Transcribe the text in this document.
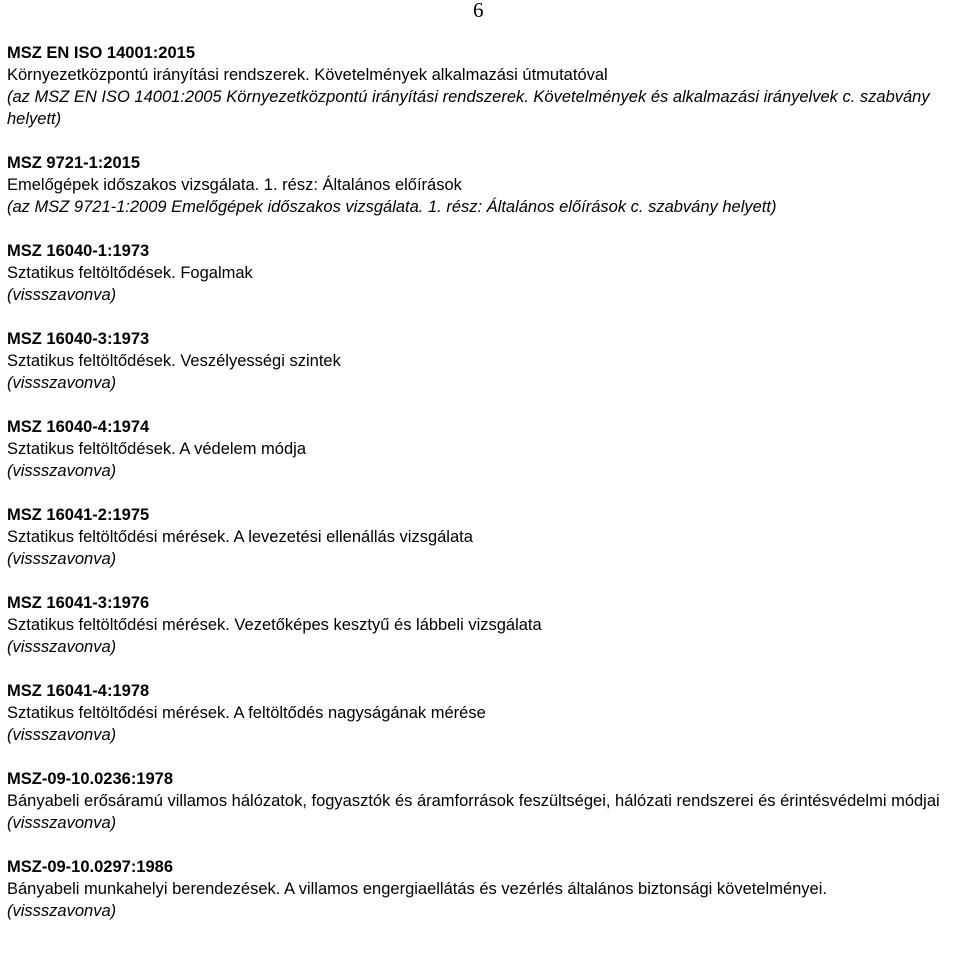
6
MSZ EN ISO 14001:2015
Környezetközpontú irányítási rendszerek. Követelmények alkalmazási útmutatóval
(az MSZ EN ISO 14001:2005 Környezetközpontú irányítási rendszerek. Követelmények és alkalmazási irányelvek c. szabvány helyett)
MSZ 9721-1:2015
Emelőgépek időszakos vizsgálata. 1. rész: Általános előírások
(az MSZ 9721-1:2009 Emelőgépek időszakos vizsgálata. 1. rész: Általános előírások c. szabvány helyett)
MSZ 16040-1:1973
Sztatikus feltöltődések. Fogalmak
(vissszavonva)
MSZ 16040-3:1973
Sztatikus feltöltődések. Veszélyességi szintek
(vissszavonva)
MSZ 16040-4:1974
Sztatikus feltöltődések. A védelem módja
(vissszavonva)
MSZ 16041-2:1975
Sztatikus feltöltődési mérések. A levezetési ellenállás vizsgálata
(vissszavonva)
MSZ 16041-3:1976
Sztatikus feltöltődési mérések. Vezetőképes kesztyű és lábbeli vizsgálata
(vissszavonva)
MSZ 16041-4:1978
Sztatikus feltöltődési mérések. A feltöltődés nagyságának mérése
(vissszavonva)
MSZ-09-10.0236:1978
Bányabeli erősáramú villamos hálózatok, fogyasztók és áramforrások feszültségei, hálózati rendszerei és érintésvédelmi módjai
(vissszavonva)
MSZ-09-10.0297:1986
Bányabeli munkahelyi berendezések. A villamos engergiaellátás és vezérlés általános biztonsági követelményei.
(vissszavonva)
